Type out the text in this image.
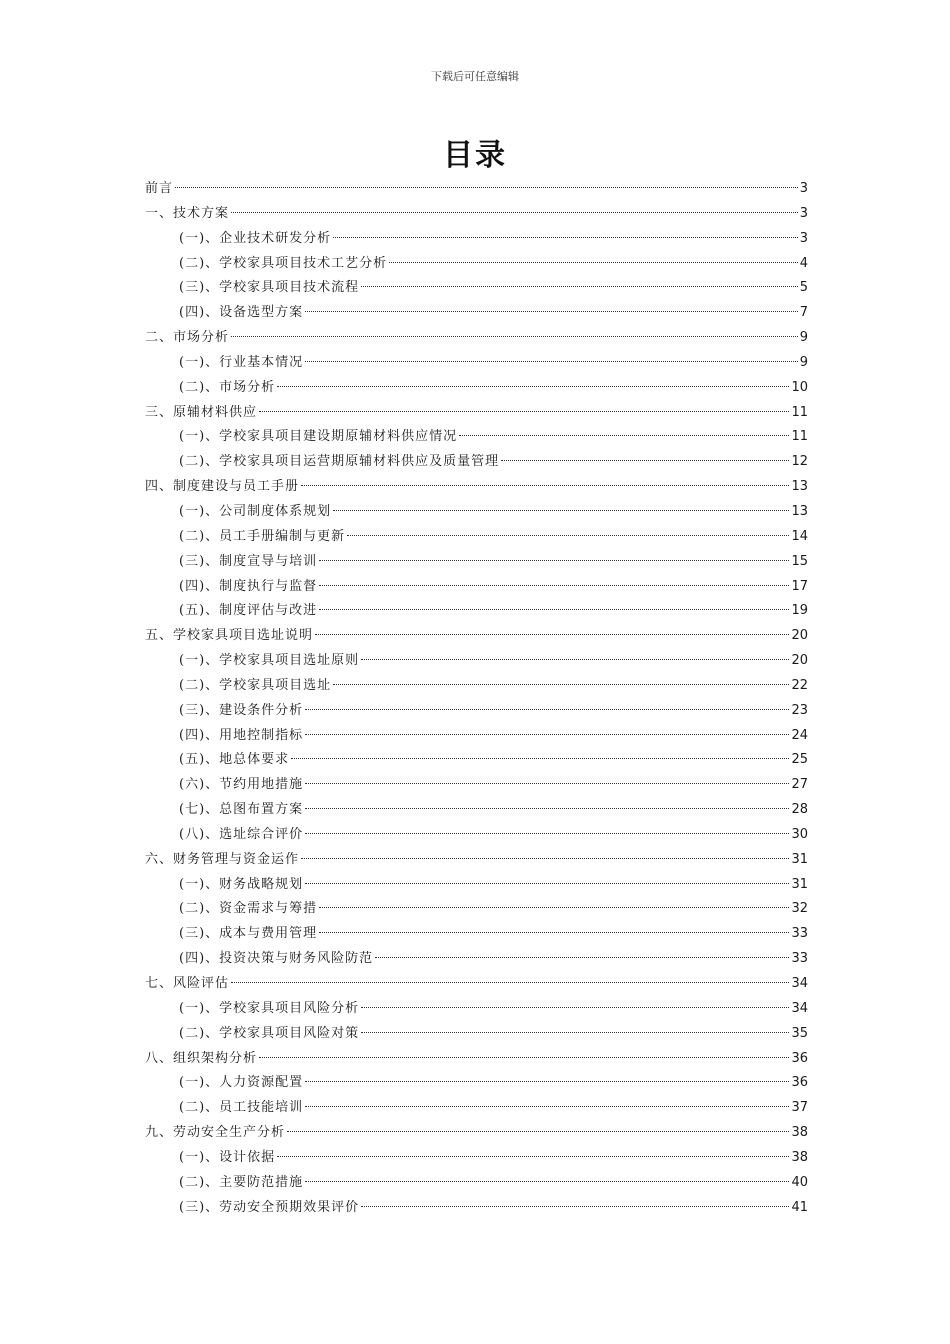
下载后可任意编辑
目录
前言	3
一、技术方案	3
(一)、企业技术研发分析	3
(二)、学校家具项目技术工艺分析	4
(三)、学校家具项目技术流程	5
(四)、设备选型方案	7
二、市场分析	9
(一)、行业基本情况	9
(二)、市场分析	10
三、原辅材料供应	11
(一)、学校家具项目建设期原辅材料供应情况	11
(二)、学校家具项目运营期原辅材料供应及质量管理	12
四、制度建设与员工手册	13
(一)、公司制度体系规划	13
(二)、员工手册编制与更新	14
(三)、制度宣导与培训	15
(四)、制度执行与监督	17
(五)、制度评估与改进	19
五、学校家具项目选址说明	20
(一)、学校家具项目选址原则	20
(二)、学校家具项目选址	22
(三)、建设条件分析	23
(四)、用地控制指标	24
(五)、地总体要求	25
(六)、节约用地措施	27
(七)、总图布置方案	28
(八)、选址综合评价	30
六、财务管理与资金运作	31
(一)、财务战略规划	31
(二)、资金需求与筹措	32
(三)、成本与费用管理	33
(四)、投资决策与财务风险防范	33
七、风险评估	34
(一)、学校家具项目风险分析	34
(二)、学校家具项目风险对策	35
八、组织架构分析	36
(一)、人力资源配置	36
(二)、员工技能培训	37
九、劳动安全生产分析	38
(一)、设计依据	38
(二)、主要防范措施	40
(三)、劳动安全预期效果评价	41
